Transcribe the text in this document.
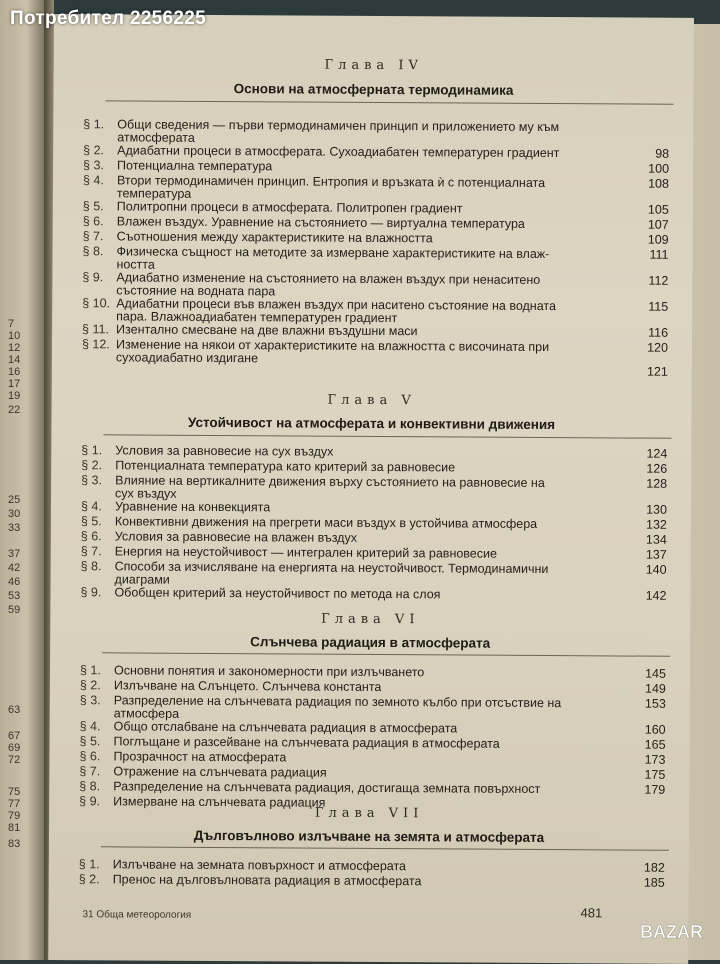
Глава IV
Основи на атмосферната термодинамика
§ 1.	Общи сведения — първи термодинамичен принцип и приложението му към
атмосферата
§ 2.	Адиабатни процеси в атмосферата. Сухоадиабатен температурен градиент	98
§ 3.	Потенциална температура	100
§ 4.	Втори термодинамичен принцип. Ентропия и връзката ѝ с потенциалната
температура
108
§ 5.	Политропни процеси в атмосферата. Политропен градиент	105
§ 6.	Влажен въздух. Уравнение на състоянието — виртуална температура	107
§ 7.	Съотношения между характеристиките на влажността	109
§ 8.	Физическа същност на методите за измерване характеристиките на влаж-
ността
111
§ 9.	Адиабатно изменение на състоянието на влажен въздух при ненаситено
състояние на водната пара
112
§ 10. Адиабатни процеси във влажен въздух при наситено състояние на водната
пара. Влажноадиабатен температурен градиент
115
§ 11. Изентално смесване на две влажни въздушни маси	116
§ 12. Изменение на някои от характеристиките на влажността с височината при
сухоадиабатно издигане
120
121
Глава V
Устойчивост на атмосферата и конвективни движения
§ 1.	Условия за равновесие на сух въздух	124
§ 2.	Потенциалната температура като критерий за равновесие	126
§ 3.	Влияние на вертикалните движения върху състоянието на равновесие на
сух въздух
128
§ 4.	Уравнение на конвекцията	130
§ 5.	Конвективни движения на прегрети маси въздух в устойчива атмосфера	132
§ 6.	Условия за равновесие на влажен въздух	134
§ 7.	Енергия на неустойчивост — интегрален критерий за равновесие	137
§ 8.	Способи за изчисляване на енергията на неустойчивост. Термодинамични
диаграми
140
§ 9.	Обобщен критерий за неустойчивост по метода на слоя	142
Глава VI
Слънчева радиация в атмосферата
§ 1.	Основни понятия и закономерности при излъчването	145
§ 2.	Излъчване на Слънцето. Слънчева константа	149
§ 3.	Разпределение на слънчевата радиация по земното кълбо при отсъствие на
атмосфера
153
§ 4.	Общо отслабване на слънчевата радиация в атмосферата	160
§ 5.	Поглъщане и разсейване на слънчевата радиация в атмосферата	165
§ 6.	Прозрачност на атмосферата	173
§ 7.	Отражение на слънчевата радиация	175
§ 8.	Разпределение на слънчевата радиация, достигаща земната повърхност	179
§ 9.	Измерване на слънчевата радиация
Глава VII
Дълговълново излъчване на земята и атмосферата
§ 1.	Излъчване на земната повърхност и атмосферата	182
§ 2.	Пренос на дълговълновата радиация в атмосферата	185
31 Обща метеорология	481
7
10
12
14
16
17
19
22
25
30
33
37
42
46
53
59
63
67
69
72
75
77
79
81
83
Потребител 2256225
BAZAR
